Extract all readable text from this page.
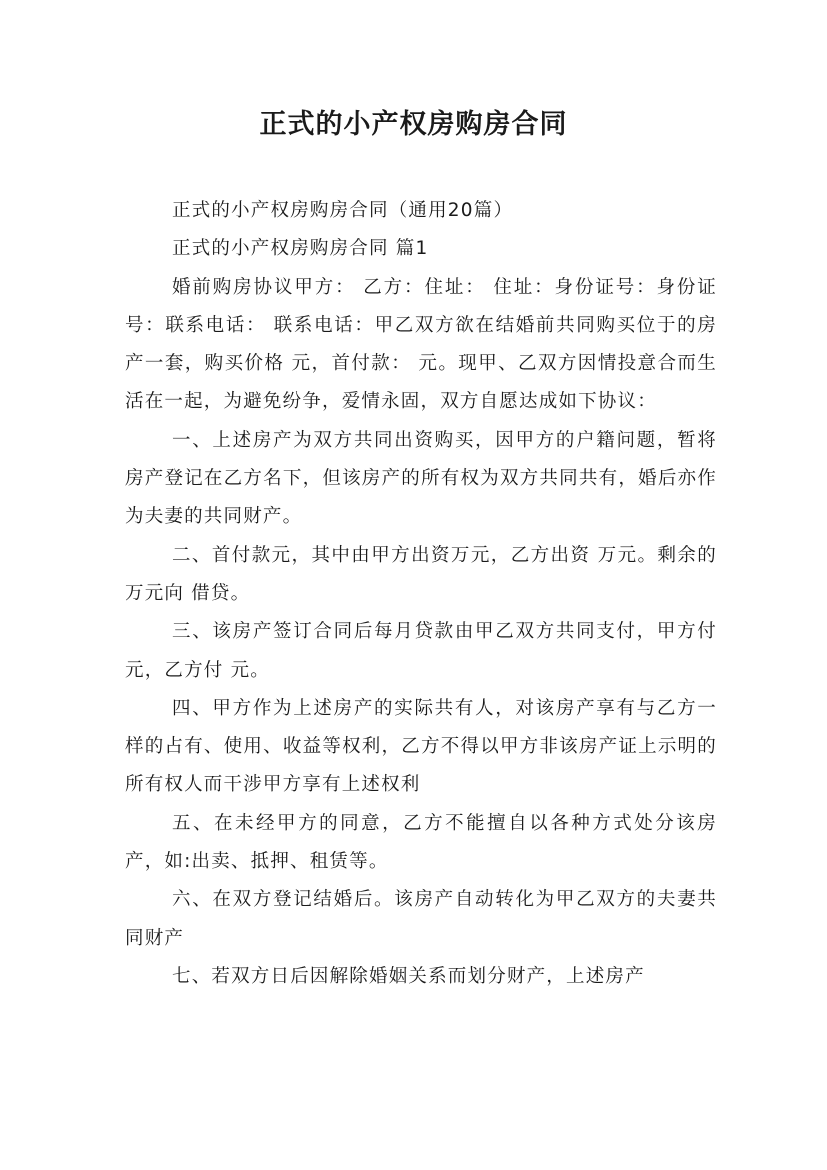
正式的小产权房购房合同

正式的小产权房购房合同（通用20篇）

正式的小产权房购房合同 篇1

婚前购房协议甲方： 乙方：住址： 住址：身份证号：身份证号：联系电话： 联系电话：甲乙双方欲在结婚前共同购买位于的房产一套，购买价格 元，首付款： 元。现甲、乙双方因情投意合而生活在一起，为避免纷争，爱情永固，双方自愿达成如下协议：

一、上述房产为双方共同出资购买，因甲方的户籍问题，暂将房产登记在乙方名下，但该房产的所有权为双方共同共有，婚后亦作为夫妻的共同财产。

二、首付款元，其中由甲方出资万元，乙方出资 万元。剩余的 万元向 借贷。

三、该房产签订合同后每月贷款由甲乙双方共同支付，甲方付 元，乙方付 元。

四、甲方作为上述房产的实际共有人，对该房产享有与乙方一样的占有、使用、收益等权利，乙方不得以甲方非该房产证上示明的所有权人而干涉甲方享有上述权利

五、在未经甲方的同意，乙方不能擅自以各种方式处分该房产，如:出卖、抵押、租赁等。

六、在双方登记结婚后。该房产自动转化为甲乙双方的夫妻共同财产

七、若双方日后因解除婚姻关系而划分财产，上述房产
